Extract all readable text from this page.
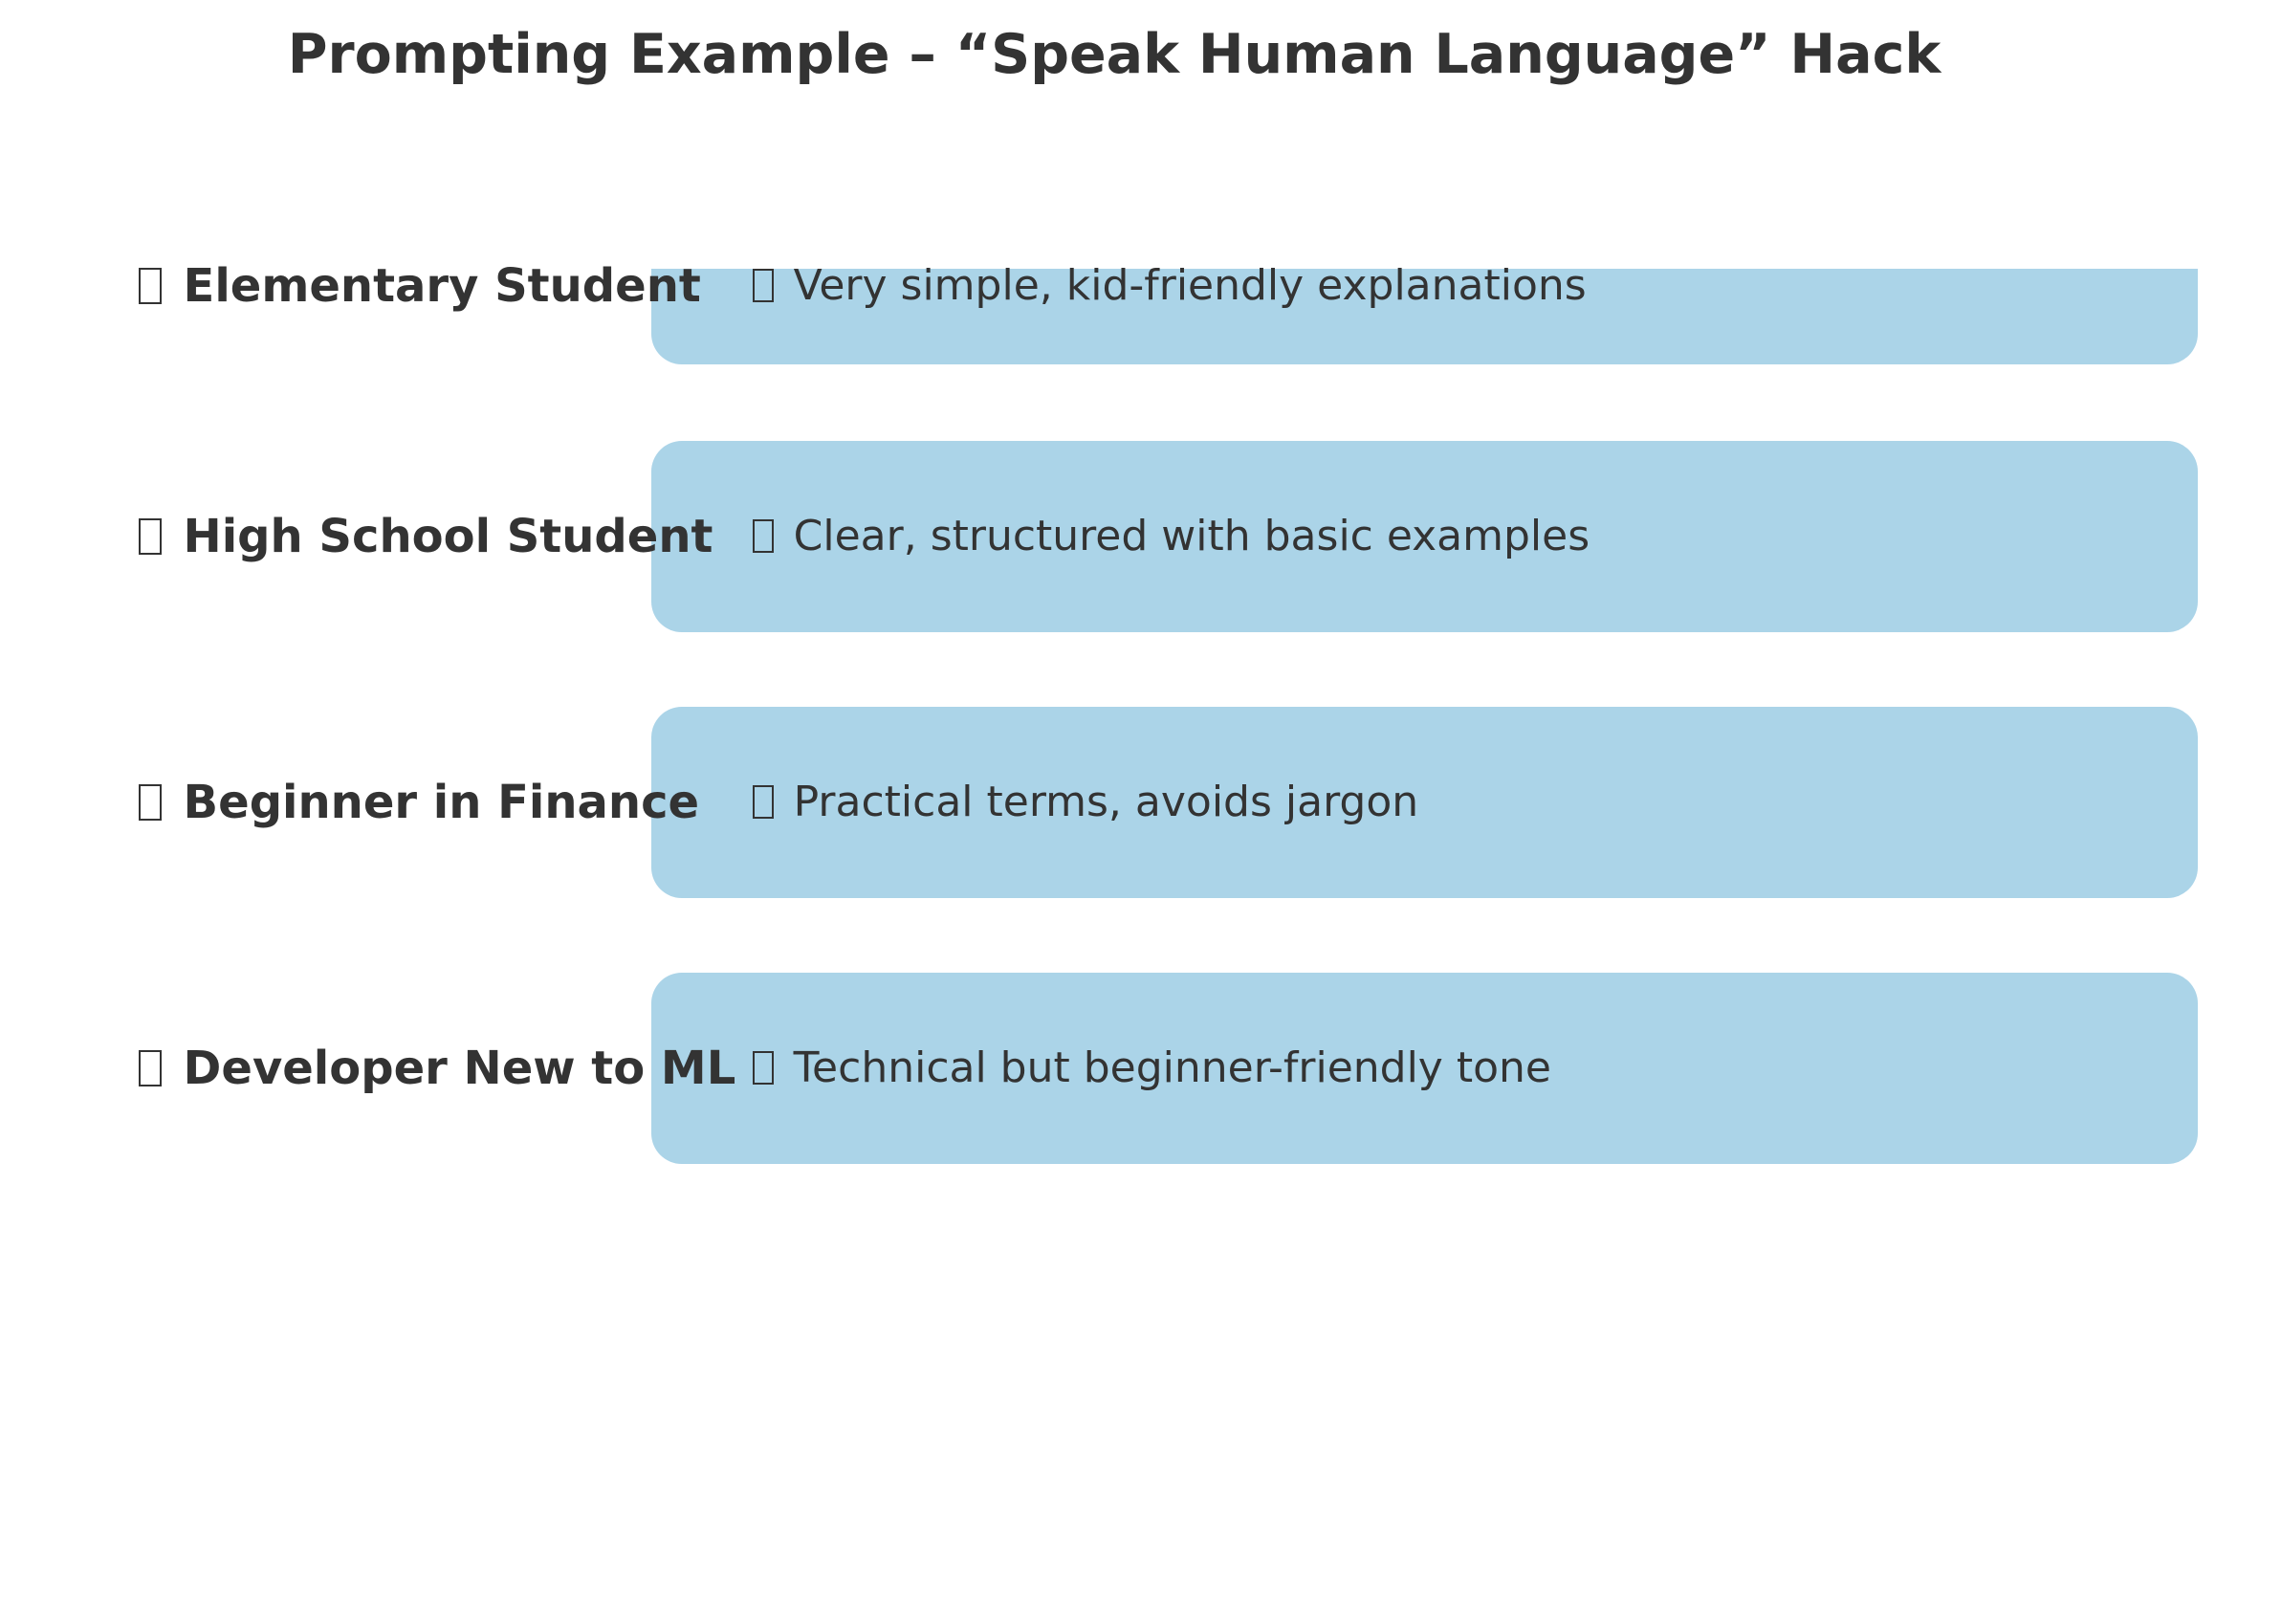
Prompting Example – “Speak Human Language” Hack
Elementary Student	Very simple, kid-friendly explanations
High School Student	Clear, structured with basic examples
Beginner in Finance	Practical terms, avoids jargon
Developer New to ML	Technical but beginner-friendly tone
